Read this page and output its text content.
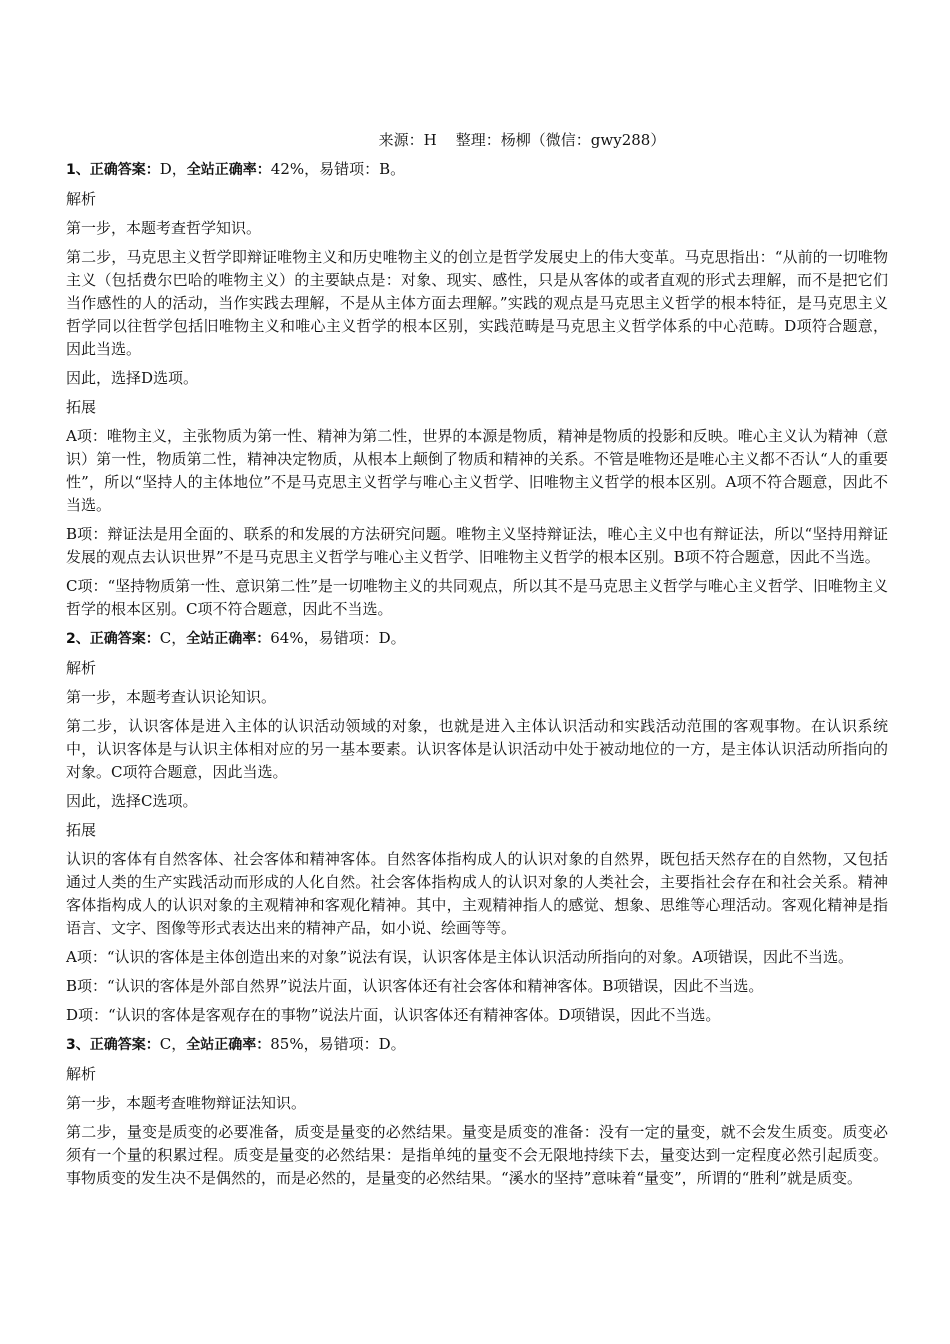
来源：H    整理：杨柳（微信：gwy288）
1、正确答案：D，全站正确率：42%，易错项：B。
解析
第一步，本题考查哲学知识。
第二步，马克思主义哲学即辩证唯物主义和历史唯物主义的创立是哲学发展史上的伟大变革。马克思指出：“从前的一切唯物主义（包括费尔巴哈的唯物主义）的主要缺点是：对象、现实、感性，只是从客体的或者直观的形式去理解，而不是把它们当作感性的人的活动，当作实践去理解，不是从主体方面去理解。”实践的观点是马克思主义哲学的根本特征，是马克思主义哲学同以往哲学包括旧唯物主义和唯心主义哲学的根本区别，实践范畴是马克思主义哲学体系的中心范畴。D项符合题意，因此当选。
因此，选择D选项。
拓展
A项：唯物主义，主张物质为第一性、精神为第二性，世界的本源是物质，精神是物质的投影和反映。唯心主义认为精神（意识）第一性，物质第二性，精神决定物质，从根本上颠倒了物质和精神的关系。不管是唯物还是唯心主义都不否认“人的重要性”，所以“坚持人的主体地位”不是马克思主义哲学与唯心主义哲学、旧唯物主义哲学的根本区别。A项不符合题意，因此不当选。
B项：辩证法是用全面的、联系的和发展的方法研究问题。唯物主义坚持辩证法，唯心主义中也有辩证法，所以“坚持用辩证发展的观点去认识世界”不是马克思主义哲学与唯心主义哲学、旧唯物主义哲学的根本区别。B项不符合题意，因此不当选。
C项：“坚持物质第一性、意识第二性”是一切唯物主义的共同观点，所以其不是马克思主义哲学与唯心主义哲学、旧唯物主义哲学的根本区别。C项不符合题意，因此不当选。
2、正确答案：C，全站正确率：64%，易错项：D。
解析
第一步，本题考查认识论知识。
第二步，认识客体是进入主体的认识活动领域的对象，也就是进入主体认识活动和实践活动范围的客观事物。在认识系统中，认识客体是与认识主体相对应的另一基本要素。认识客体是认识活动中处于被动地位的一方，是主体认识活动所指向的对象。C项符合题意，因此当选。
因此，选择C选项。
拓展
认识的客体有自然客体、社会客体和精神客体。自然客体指构成人的认识对象的自然界，既包括天然存在的自然物，又包括通过人类的生产实践活动而形成的人化自然。社会客体指构成人的认识对象的人类社会，主要指社会存在和社会关系。精神客体指构成人的认识对象的主观精神和客观化精神。其中，主观精神指人的感觉、想象、思维等心理活动。客观化精神是指语言、文字、图像等形式表达出来的精神产品，如小说、绘画等等。
A项：“认识的客体是主体创造出来的对象”说法有误，认识客体是主体认识活动所指向的对象。A项错误，因此不当选。
B项：“认识的客体是外部自然界”说法片面，认识客体还有社会客体和精神客体。B项错误，因此不当选。
D项：“认识的客体是客观存在的事物”说法片面，认识客体还有精神客体。D项错误，因此不当选。
3、正确答案：C，全站正确率：85%，易错项：D。
解析
第一步，本题考查唯物辩证法知识。
第二步，量变是质变的必要准备，质变是量变的必然结果。量变是质变的准备：没有一定的量变，就不会发生质变。质变必须有一个量的积累过程。质变是量变的必然结果：是指单纯的量变不会无限地持续下去，量变达到一定程度必然引起质变。事物质变的发生决不是偶然的，而是必然的，是量变的必然结果。“溪水的坚持”意味着“量变”，所谓的“胜利”就是质变。
